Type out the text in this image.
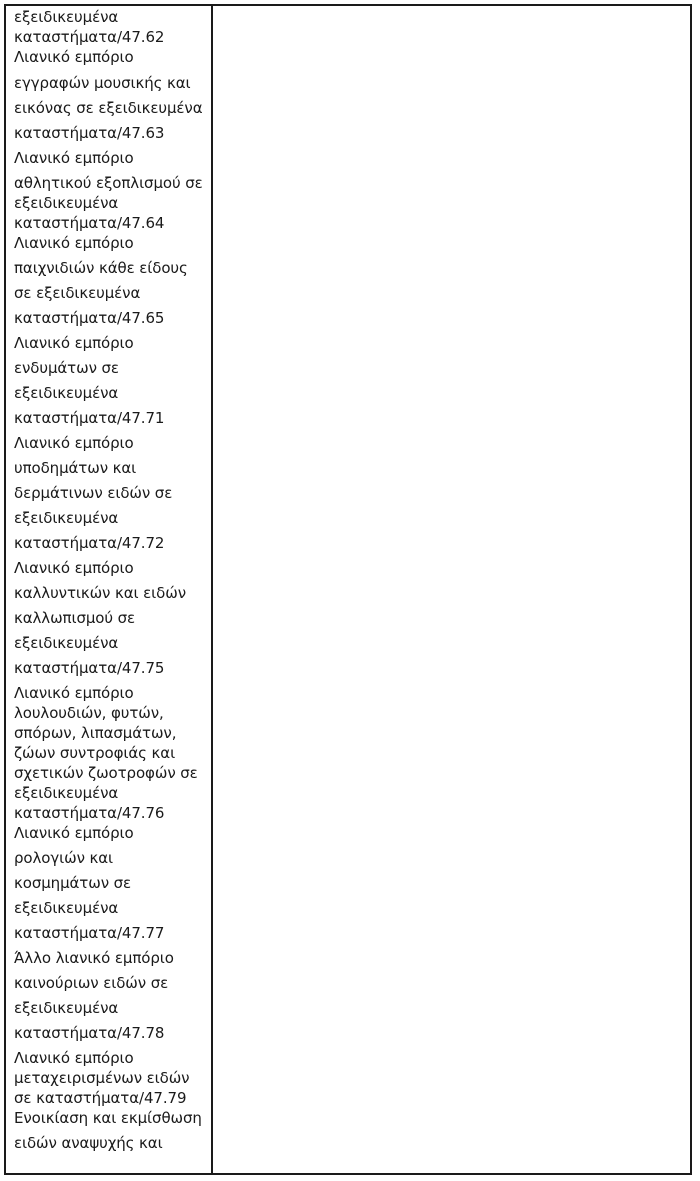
εξειδικευμένα
καταστήματα/47.62
Λιανικό εμπόριο
εγγραφών μουσικής και
εικόνας σε εξειδικευμένα
καταστήματα/47.63
Λιανικό εμπόριο
αθλητικού εξοπλισμού σε
εξειδικευμένα
καταστήματα/47.64
Λιανικό εμπόριο
παιχνιδιών κάθε είδους
σε εξειδικευμένα
καταστήματα/47.65
Λιανικό εμπόριο
ενδυμάτων σε
εξειδικευμένα
καταστήματα/47.71
Λιανικό εμπόριο
υποδημάτων και
δερμάτινων ειδών σε
εξειδικευμένα
καταστήματα/47.72
Λιανικό εμπόριο
καλλυντικών και ειδών
καλλωπισμού σε
εξειδικευμένα
καταστήματα/47.75
Λιανικό εμπόριο
λουλουδιών, φυτών,
σπόρων, λιπασμάτων,
ζώων συντροφιάς και
σχετικών ζωοτροφών σε
εξειδικευμένα
καταστήματα/47.76
Λιανικό εμπόριο
ρολογιών και
κοσμημάτων σε
εξειδικευμένα
καταστήματα/47.77
Άλλο λιανικό εμπόριο
καινούριων ειδών σε
εξειδικευμένα
καταστήματα/47.78
Λιανικό εμπόριο
μεταχειρισμένων ειδών
σε καταστήματα/47.79
Ενοικίαση και εκμίσθωση
ειδών αναψυχής και
